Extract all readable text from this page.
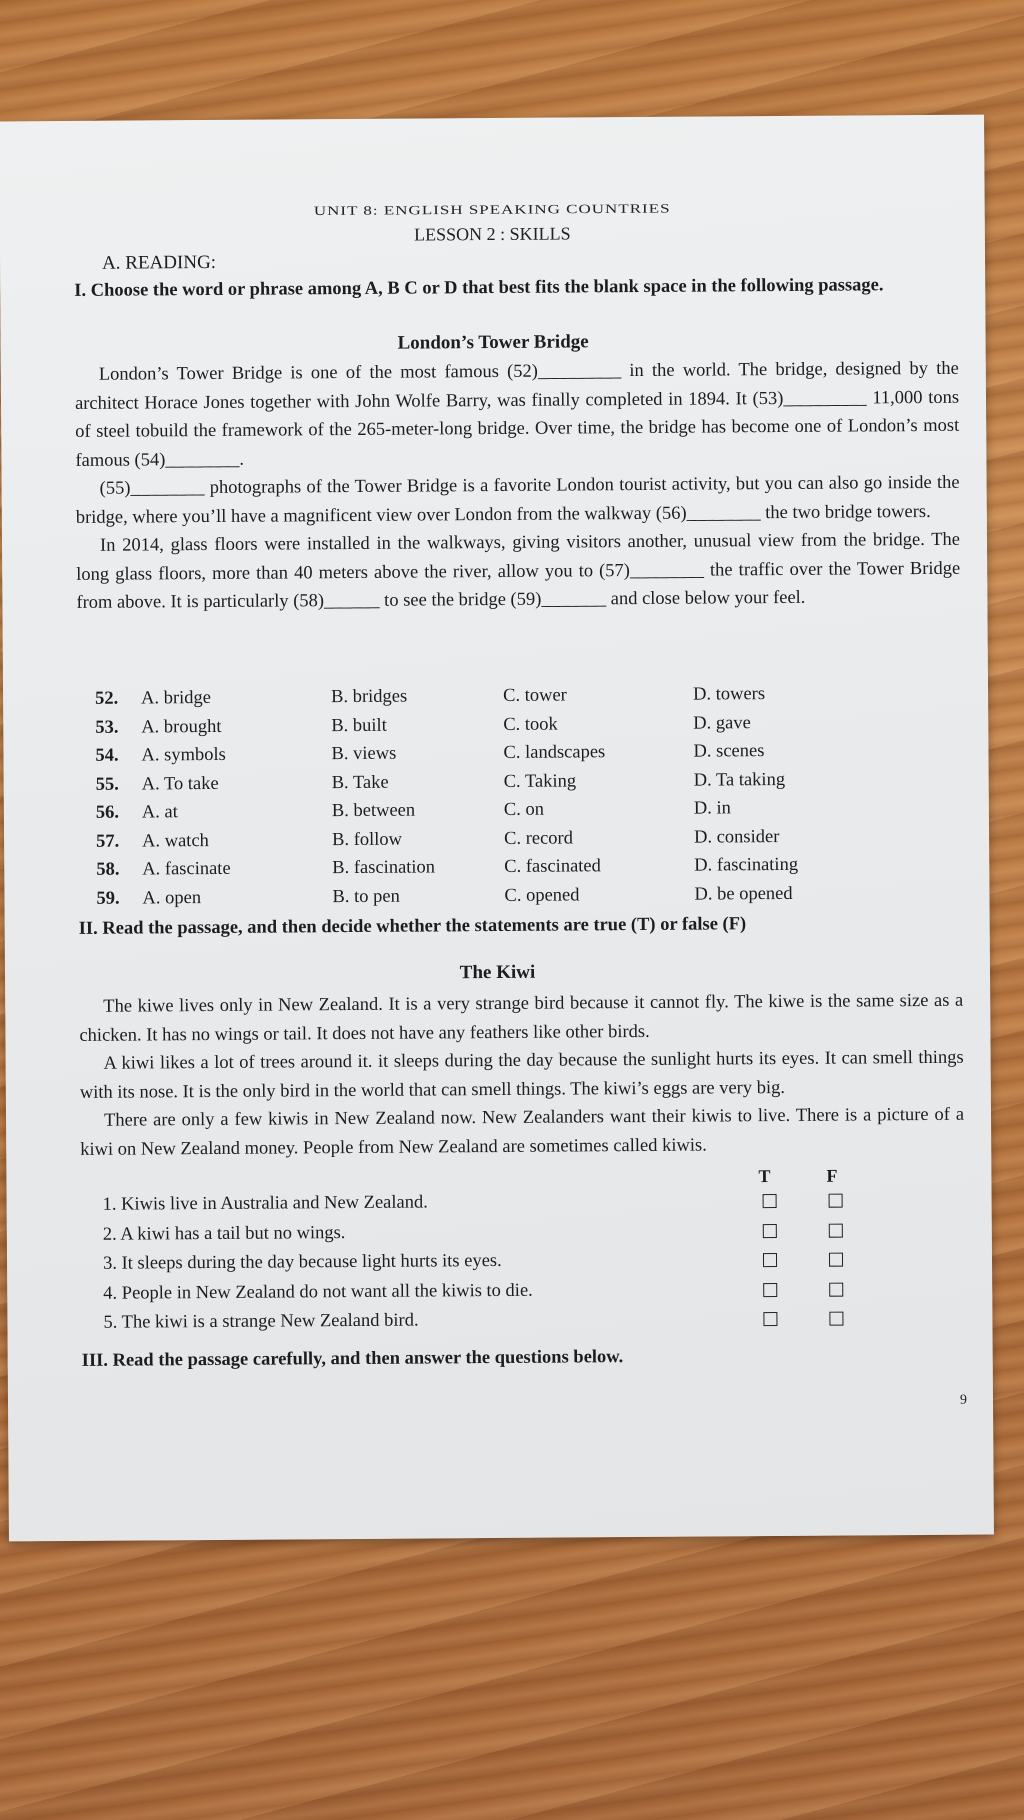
UNIT 8: ENGLISH SPEAKING COUNTRIES
LESSON 2 : SKILLS
A. READING:
I. Choose the word or phrase among A, B C or D that best fits the blank space in the following passage.
London’s Tower Bridge

London’s Tower Bridge is one of the most famous (52)_________ in the world. The bridge, designed by the architect Horace Jones together with John Wolfe Barry, was finally completed in 1894. It (53)_________ 11,000 tons of steel tobuild the framework of the 265-meter-long bridge. Over time, the bridge has become one of London’s most famous (54)________.

(55)________ photographs of the Tower Bridge is a favorite London tourist activity, but you can also go inside the bridge, where you’ll have a magnificent view over London from the walkway (56)________ the two bridge towers.

In 2014, glass floors were installed in the walkways, giving visitors another, unusual view from the bridge. The long glass floors, more than 40 meters above the river, allow you to (57)________ the traffic over the Tower Bridge from above. It is particularly (58)______ to see the bridge (59)_______ and close below your feel.

52. A. bridge	B. bridges	C. tower	D. towers
53. A. brought	B. built	C. took	D. gave
54. A. symbols	B. views	C. landscapes	D. scenes
55. A. To take	B. Take	C. Taking	D. Ta taking
56. A. at	B. between	C. on	D. in
57. A. watch	B. follow	C. record	D. consider
58. A. fascinate	B. fascination	C. fascinated	D. fascinating
59. A. open	B. to pen	C. opened	D. be opened
II. Read the passage, and then decide whether the statements are true (T) or false (F)
The Kiwi

The kiwe lives only in New Zealand. It is a very strange bird because it cannot fly. The kiwe is the same size as a chicken. It has no wings or tail. It does not have any feathers like other birds.

A kiwi likes a lot of trees around it. it sleeps during the day because the sunlight hurts its eyes. It can smell things with its nose. It is the only bird in the world that can smell things. The kiwi’s eggs are very big.

There are only a few kiwis in New Zealand now. New Zealanders want their kiwis to live. There is a picture of a kiwi on New Zealand money. People from New Zealand are sometimes called kiwis.

T	F
1. Kiwis live in Australia and New Zealand.
2. A kiwi has a tail but no wings.
3. It sleeps during the day because light hurts its eyes.
4. People in New Zealand do not want all the kiwis to die.
5. The kiwi is a strange New Zealand bird.
III. Read the passage carefully, and then answer the questions below.
9
